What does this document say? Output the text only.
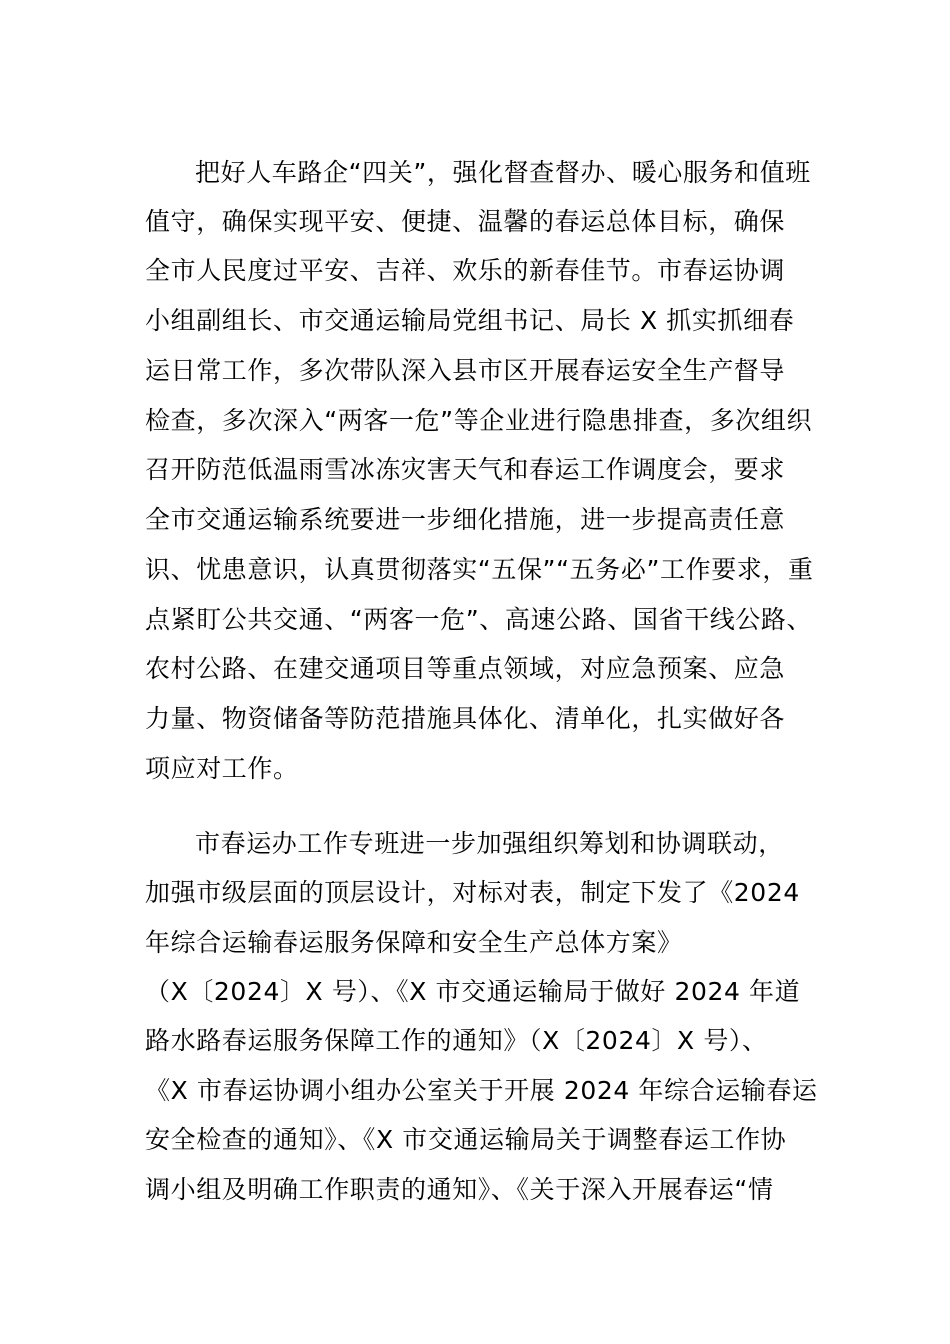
把好人车路企“四关”，强化督查督办、暖心服务和值班
值守，确保实现平安、便捷、温馨的春运总体目标，确保
全市人民度过平安、吉祥、欢乐的新春佳节。市春运协调
小组副组长、市交通运输局党组书记、局长 X 抓实抓细春
运日常工作，多次带队深入县市区开展春运安全生产督导
检查，多次深入“两客一危”等企业进行隐患排查，多次组织
召开防范低温雨雪冰冻灾害天气和春运工作调度会，要求
全市交通运输系统要进一步细化措施，进一步提高责任意
识、忧患意识，认真贯彻落实“五保”“五务必”工作要求，重
点紧盯公共交通、“两客一危”、高速公路、国省干线公路、
农村公路、在建交通项目等重点领域，对应急预案、应急
力量、物资储备等防范措施具体化、清单化，扎实做好各
项应对工作。
市春运办工作专班进一步加强组织筹划和协调联动，
加强市级层面的顶层设计，对标对表，制定下发了《2024
年综合运输春运服务保障和安全生产总体方案》
（X〔2024〕X 号）、《X 市交通运输局于做好 2024 年道
路水路春运服务保障工作的通知》（X〔2024〕X 号）、
《X 市春运协调小组办公室关于开展 2024 年综合运输春运
安全检查的通知》、《X 市交通运输局关于调整春运工作协
调小组及明确工作职责的通知》、《关于深入开展春运“情
